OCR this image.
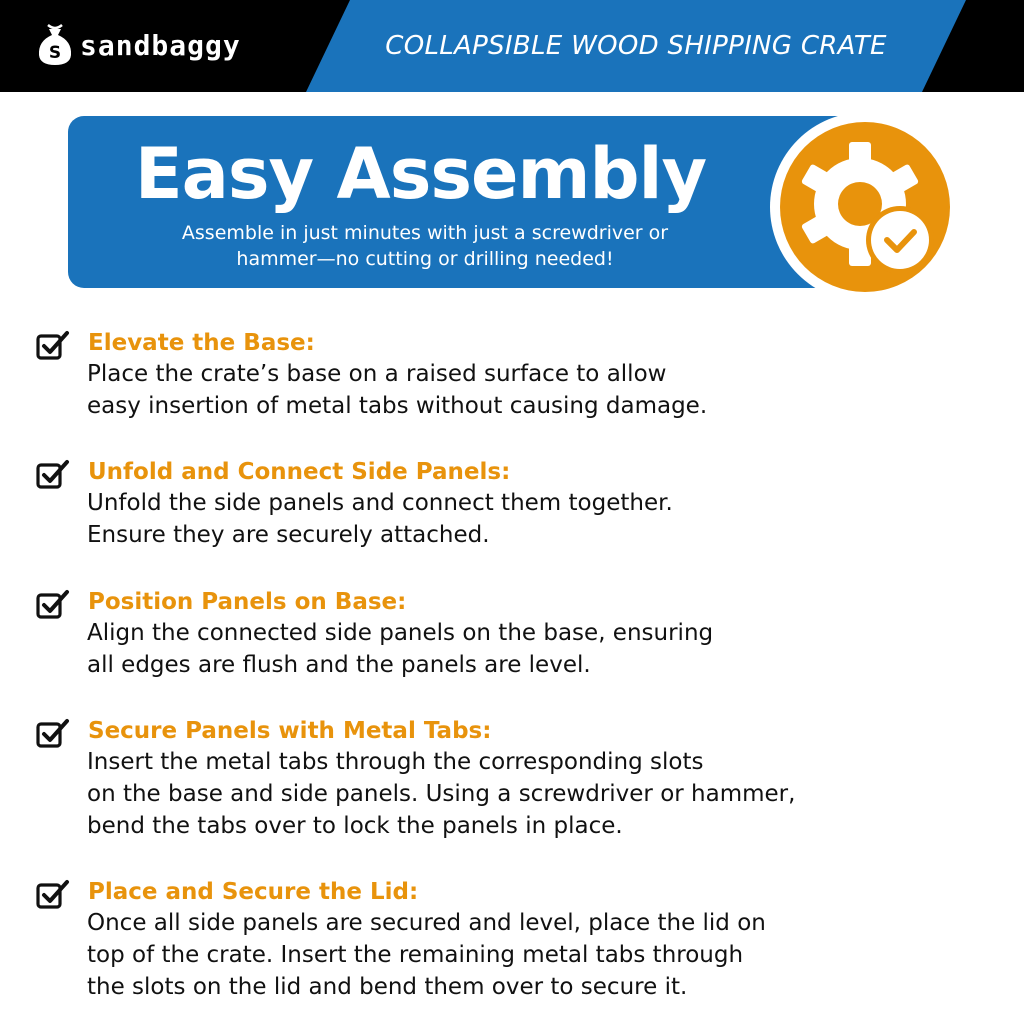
S sandbaggy	COLLAPSIBLE WOOD SHIPPING CRATE
Easy Assembly
Assemble in just minutes with just a screwdriver or
hammer—no cutting or drilling needed!
Elevate the Base:
Place the crate’s base on a raised surface to allow
easy insertion of metal tabs without causing damage.
Unfold and Connect Side Panels:
Unfold the side panels and connect them together.
Ensure they are securely attached.
Position Panels on Base:
Align the connected side panels on the base, ensuring
all edges are flush and the panels are level.
Secure Panels with Metal Tabs:
Insert the metal tabs through the corresponding slots
on the base and side panels. Using a screwdriver or hammer,
bend the tabs over to lock the panels in place.
Place and Secure the Lid:
Once all side panels are secured and level, place the lid on
top of the crate. Insert the remaining metal tabs through
the slots on the lid and bend them over to secure it.
